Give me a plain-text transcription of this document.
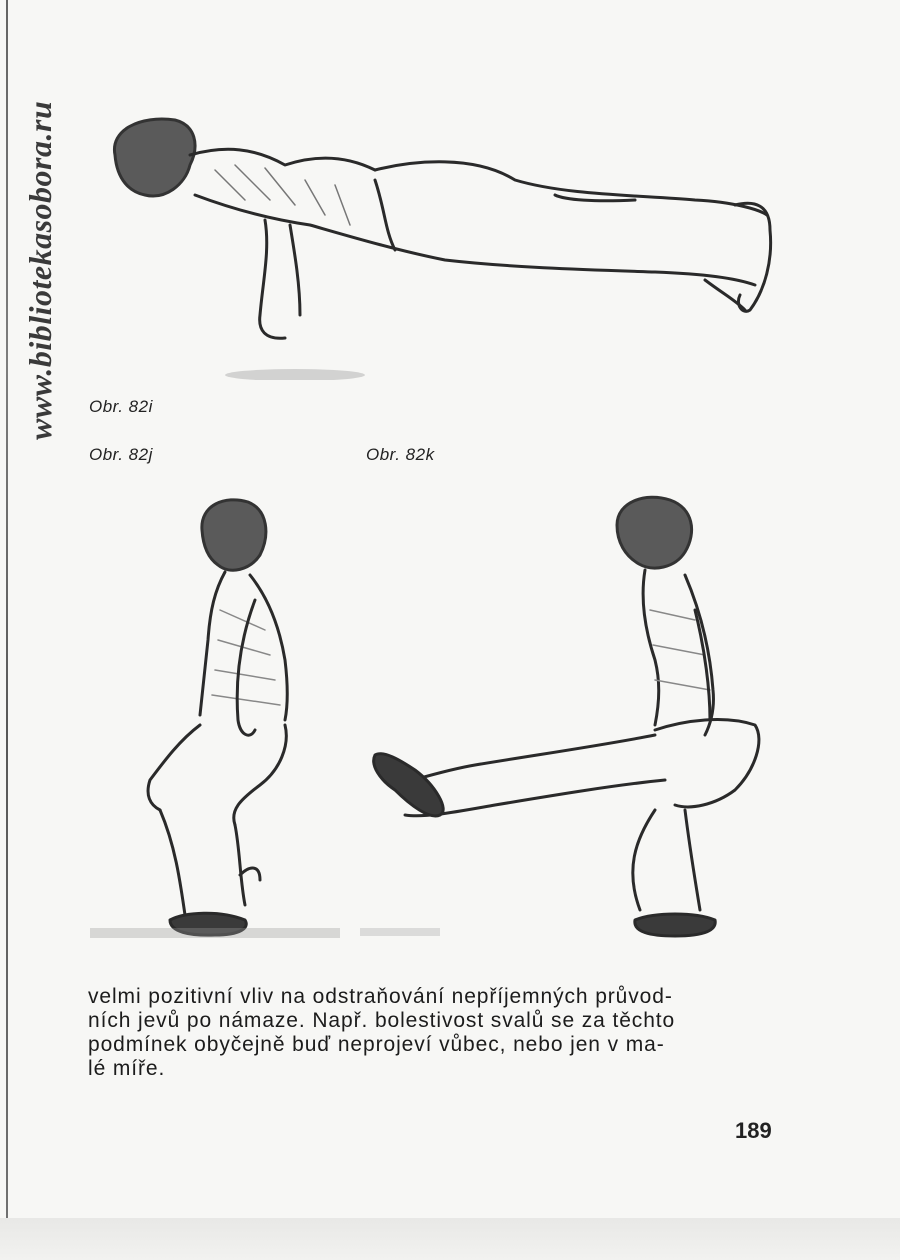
www.bibliotekasobora.ru Obr. 82i
Obr. 82j	Obr. 82k
velmi pozitivní vliv na odstraňování nepříjemných průvod-
ních jevů po námaze. Např. bolestivost svalů se za těchto
podmínek obyčejně buď neprojeví vůbec, nebo jen v ma-
lé míře.
189
